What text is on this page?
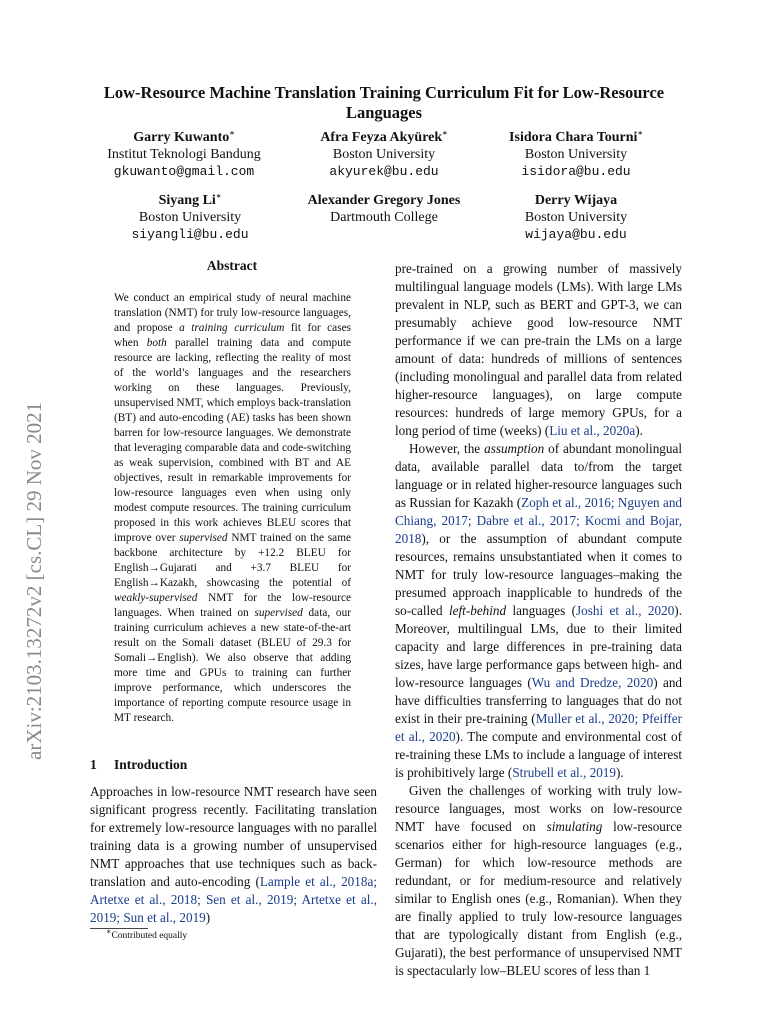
arXiv:2103.13272v2 [cs.CL] 29 Nov 2021
Low-Resource Machine Translation Training Curriculum Fit for Low-Resource Languages
Garry Kuwanto∗
Institut Teknologi Bandung
gkuwanto@gmail.com
Afra Feyza Akyürek∗
Boston University
akyurek@bu.edu
Isidora Chara Tourni∗
Boston University
isidora@bu.edu
Siyang Li∗
Boston University
siyangli@bu.edu
Alexander Gregory Jones
Dartmouth College
Derry Wijaya
Boston University
wijaya@bu.edu
Abstract
We conduct an empirical study of neural machine translation (NMT) for truly low-resource languages, and propose a training curriculum fit for cases when both parallel training data and compute resource are lacking, reflecting the reality of most of the world’s languages and the researchers working on these languages. Previously, unsupervised NMT, which employs back-translation (BT) and auto-encoding (AE) tasks has been shown barren for low-resource languages. We demonstrate that leveraging comparable data and code-switching as weak supervision, combined with BT and AE objectives, result in remarkable improvements for low-resource languages even when using only modest compute resources. The training curriculum proposed in this work achieves BLEU scores that improve over supervised NMT trained on the same backbone architecture by +12.2 BLEU for English→Gujarati and +3.7 BLEU for English→Kazakh, showcasing the potential of weakly-supervised NMT for the low-resource languages. When trained on supervised data, our training curriculum achieves a new state-of-the-art result on the Somali dataset (BLEU of 29.3 for Somali→English). We also observe that adding more time and GPUs to training can further improve performance, which underscores the importance of reporting compute resource usage in MT research.
1 Introduction

Approaches in low-resource NMT research have seen significant progress recently. Facilitating translation for extremely low-resource languages with no parallel training data is a growing number of unsupervised NMT approaches that use techniques such as back-translation and auto-encoding (Lample et al., 2018a; Artetxe et al., 2018; Sen et al., 2019; Artetxe et al., 2019; Sun et al., 2019)

∗Contributed equally

pre-trained on a growing number of massively multilingual language models (LMs). With large LMs prevalent in NLP, such as BERT and GPT-3, we can presumably achieve good low-resource NMT performance if we can pre-train the LMs on a large amount of data: hundreds of millions of sentences (including monolingual and parallel data from related higher-resource languages), on large compute resources: hundreds of large memory GPUs, for a long period of time (weeks) (Liu et al., 2020a).

However, the assumption of abundant monolingual data, available parallel data to/from the target language or in related higher-resource languages such as Russian for Kazakh (Zoph et al., 2016; Nguyen and Chiang, 2017; Dabre et al., 2017; Kocmi and Bojar, 2018), or the assumption of abundant compute resources, remains unsubstantiated when it comes to NMT for truly low-resource languages–making the presumed approach inapplicable to hundreds of the so-called left-behind languages (Joshi et al., 2020). Moreover, multilingual LMs, due to their limited capacity and large differences in pre-training data sizes, have large performance gaps between high- and low-resource languages (Wu and Dredze, 2020) and have difficulties transferring to languages that do not exist in their pre-training (Muller et al., 2020; Pfeiffer et al., 2020). The compute and environmental cost of re-training these LMs to include a language of interest is prohibitively large (Strubell et al., 2019).

Given the challenges of working with truly low-resource languages, most works on low-resource NMT have focused on simulating low-resource scenarios either for high-resource languages (e.g., German) for which low-resource methods are redundant, or for medium-resource and relatively similar to English ones (e.g., Romanian). When they are finally applied to truly low-resource languages that are typologically distant from English (e.g., Gujarati), the best performance of unsupervised NMT is spectacularly low–BLEU scores of less than 1
